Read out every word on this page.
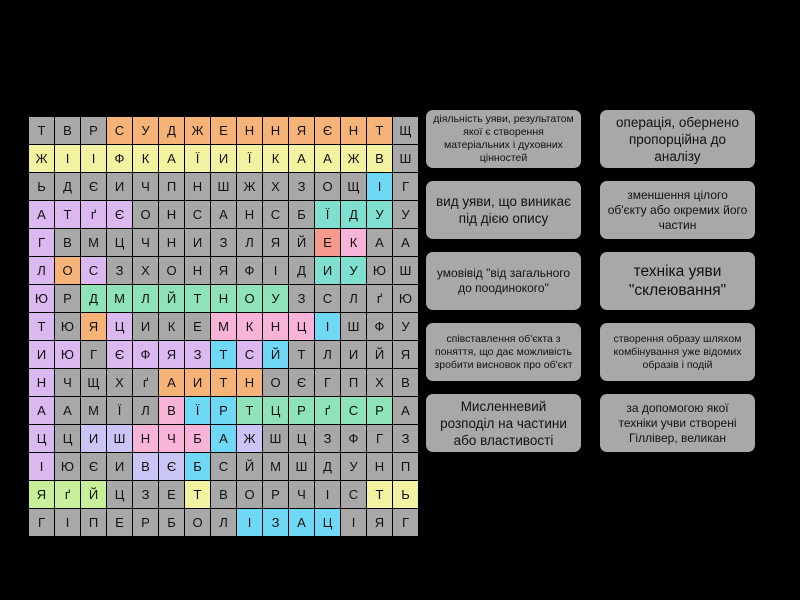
Т	В	Р	С	У	Д	Ж	Е	Н	Н	Я	Є	Н	Т	Щ
Ж	І	І	Ф	К	А	Ї	И	Ї	К	А	А	Ж	В	Ш
Ь	Д	Є	И	Ч	П	Н	Ш	Ж	Х	З	О	Щ	І	Г
А	Т	ґ	Є	О	Н	С	А	Н	С	Б	Ї	Д	У	У
Г	В	М	Ц	Ч	Н	И	З	Л	Я	Й	Е	К	А	А
Л	О	С	З	Х	О	Н	Я	Ф	І	Д	И	У	Ю	Ш
Ю	Р	Д	М	Л	Й	Т	Н	О	У	З	С	Л	ґ	Ю
Т	Ю	Я	Ц	И	К	Е	М	К	Н	Ц	І	Ш	Ф	У
И	Ю	Г	Є	Ф	Я	З	Т	С	Й	Т	Л	И	Й	Я
Н	Ч	Щ	Х	ґ	А	И	Т	Н	О	Є	Г	П	Х	В
А	А	М	Ї	Л	В	Ї	Р	Т	Ц	Р	ґ	С	Р	А
Ц	Ц	И	Ш	Н	Ч	Б	А	Ж	Ш	Ц	З	Ф	Г	З
І	Ю	Є	И	В	Є	Б	С	Й	М	Ш	Д	У	Н	П
Я	ґ	Й	Ц	З	Е	Т	В	О	Р	Ч	І	С	Т	Ь
Г	І	П	Е	Р	Б	О	Л	І	З	А	Ц	І	Я	Г
діяльність уяви, результатом якої є створення матеріальних і духовних цінностей
вид уяви, що виникає під дією опису
умовівід "від загального до поодинокого"
співставлення об'єкта з поняття, що дає можливість зробити висновок про об'єкт
Мисленневий розподіл на частини або властивості
операція, обернено пропорційна до аналізу
зменшення цілого об'єкту або окремих його частин
техніка уяви "склеювання"
створення образу шляхом комбінування уже відомих образів і подій
за допомогою якої техніки учви створені Гіллівер, великан
